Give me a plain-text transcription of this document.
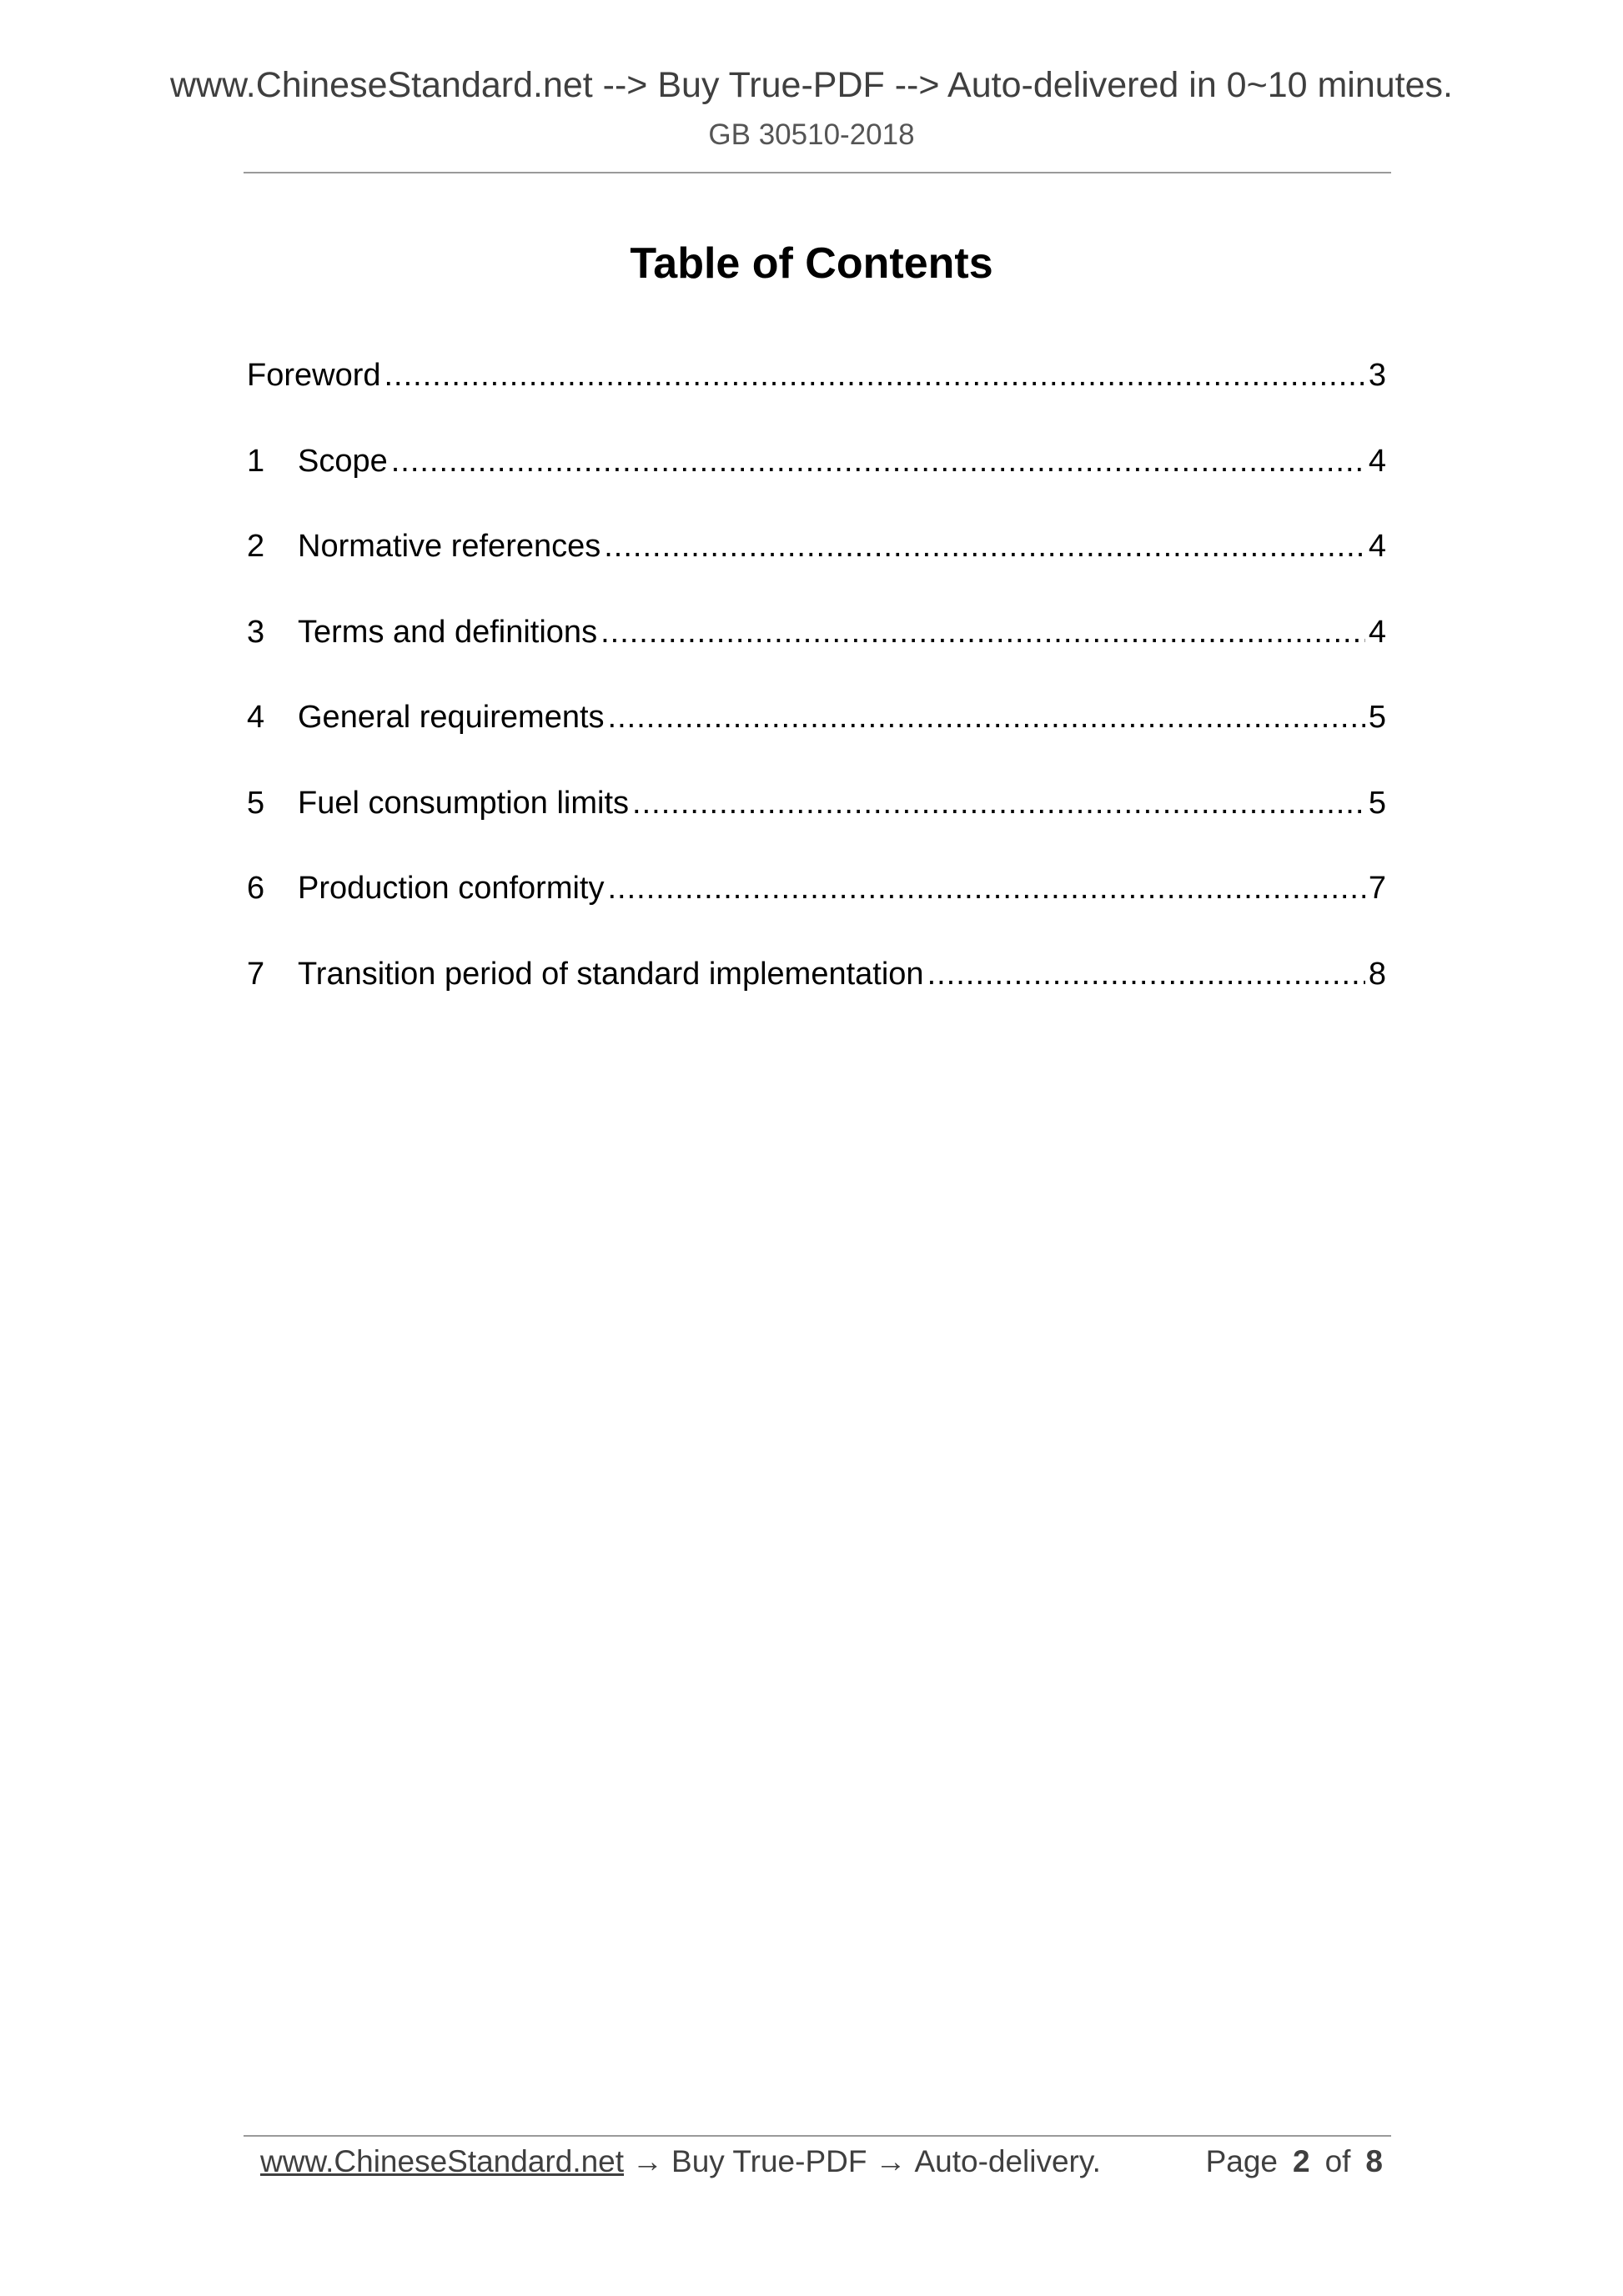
www.ChineseStandard.net --> Buy True-PDF --> Auto-delivered in 0~10 minutes.
GB 30510-2018
Table of Contents
Foreword .....	3
1	Scope .....	4
2	Normative references .....	4
3	Terms and definitions .....	4
4	General requirements .....	5
5	Fuel consumption limits .....	5
6	Production conformity .....	7
7	Transition period of standard implementation .....	8
www.ChineseStandard.net → Buy True-PDF → Auto-delivery.	Page 2 of 8
